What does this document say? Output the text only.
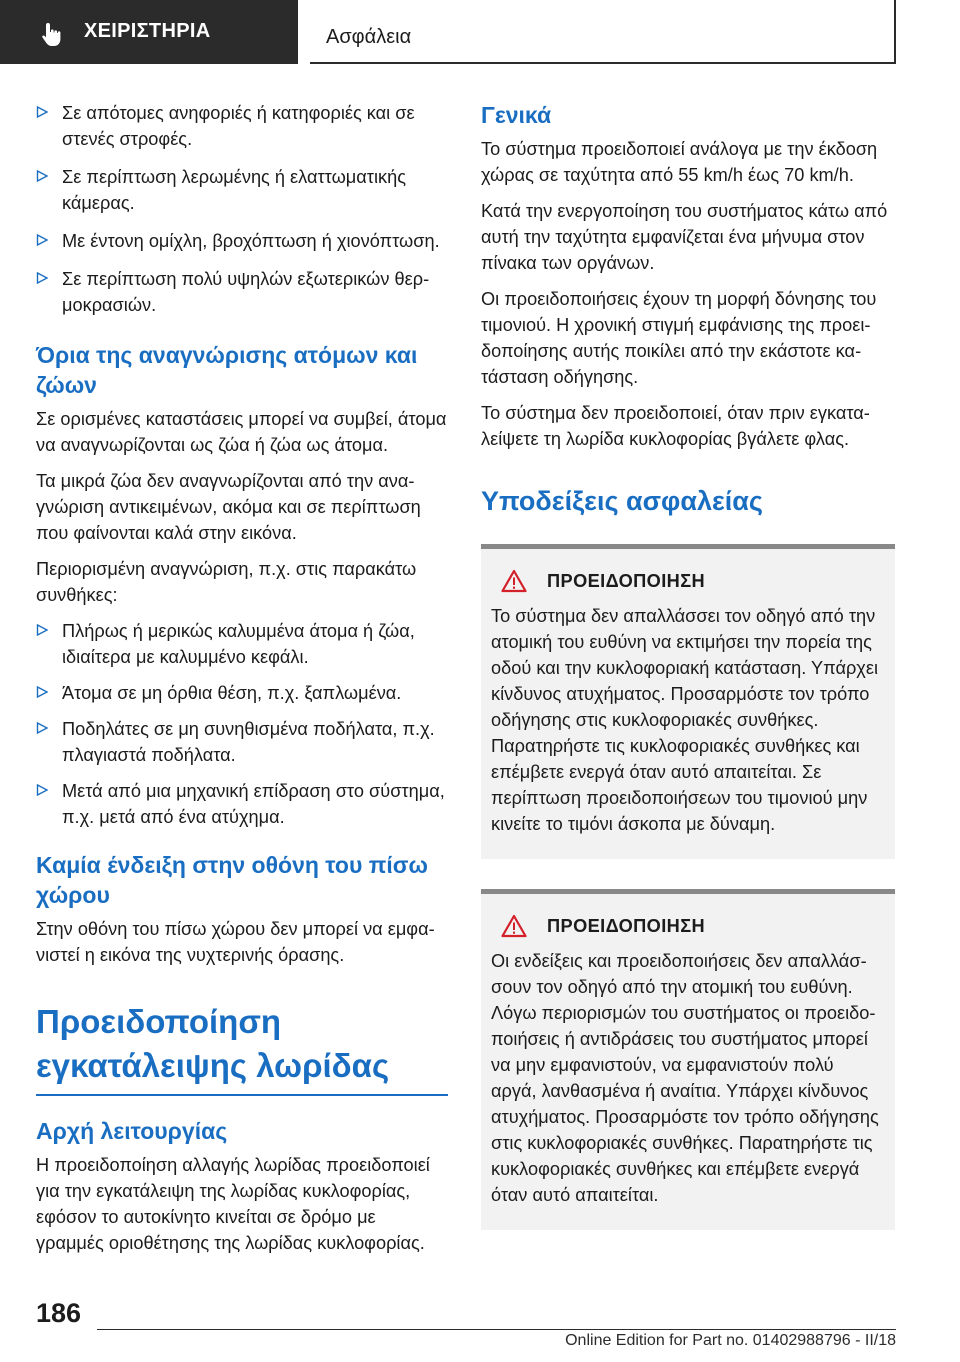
ΧΕΙΡΙΣΤΗΡΙΑ	Ασφάλεια
Σε απότομες ανηφοριές ή κατηφοριές και σε στενές στροφές.
Σε περίπτωση λερωμένης ή ελαττωματικής κάμερας.
Με έντονη ομίχλη, βροχόπτωση ή χιονόπτωση.
Σε περίπτωση πολύ υψηλών εξωτερικών θερμοκρασιών.
Όρια της αναγνώρισης ατόμων και ζώων

Σε ορισμένες καταστάσεις μπορεί να συμβεί, άτομα να αναγνωρίζονται ως ζώα ή ζώα ως άτομα.

Τα μικρά ζώα δεν αναγνωρίζονται από την αναγνώριση αντικειμένων, ακόμα και σε περίπτωση που φαίνονται καλά στην εικόνα.

Περιορισμένη αναγνώριση, π.χ. στις παρακάτω συνθήκες:

Πλήρως ή μερικώς καλυμμένα άτομα ή ζώα, ιδιαίτερα με καλυμμένο κεφάλι.
Άτομα σε μη όρθια θέση, π.χ. ξαπλωμένα.
Ποδηλάτες σε μη συνηθισμένα ποδήλατα, π.χ. πλαγιαστά ποδήλατα.
Μετά από μια μηχανική επίδραση στο σύστημα, π.χ. μετά από ένα ατύχημα.
Καμία ένδειξη στην οθόνη του πίσω χώρου

Στην οθόνη του πίσω χώρου δεν μπορεί να εμφανιστεί η εικόνα της νυχτερινής όρασης.

Προειδοποίηση εγκατάλειψης λωρίδας
Αρχή λειτουργίας

Η προειδοποίηση αλλαγής λωρίδας προειδοποιεί για την εγκατάλειψη της λωρίδας κυκλοφορίας, εφόσον το αυτοκίνητο κινείται σε δρόμο με γραμμές οριοθέτησης της λωρίδας κυκλοφορίας.

Γενικά

Το σύστημα προειδοποιεί ανάλογα με την έκδοση χώρας σε ταχύτητα από 55 km/h έως 70 km/h.

Κατά την ενεργοποίηση του συστήματος κάτω από αυτή την ταχύτητα εμφανίζεται ένα μήνυμα στον πίνακα των οργάνων.

Οι προειδοποιήσεις έχουν τη μορφή δόνησης του τιμονιού. Η χρονική στιγμή εμφάνισης της προειδοποίησης αυτής ποικίλει από την εκάστοτε κατάσταση οδήγησης.

Το σύστημα δεν προειδοποιεί, όταν πριν εγκαταλείψετε τη λωρίδα κυκλοφορίας βγάλετε φλας.

Υποδείξεις ασφαλείας
ΠΡΟΕΙΔΟΠΟΙΗΣΗ

Το σύστημα δεν απαλλάσσει τον οδηγό από την ατομική του ευθύνη να εκτιμήσει την πορεία της οδού και την κυκλοφοριακή κατάσταση. Υπάρχει κίνδυνος ατυχήματος. Προσαρμόστε τον τρόπο οδήγησης στις κυκλοφοριακές συνθήκες. Παρατηρήστε τις κυκλοφοριακές συνθήκες και επέμβετε ενεργά όταν αυτό απαιτείται. Σε περίπτωση προειδοποιήσεων του τιμονιού μην κινείτε το τιμόνι άσκοπα με δύναμη.

ΠΡΟΕΙΔΟΠΟΙΗΣΗ

Οι ενδείξεις και προειδοποιήσεις δεν απαλλάσσουν τον οδηγό από την ατομική του ευθύνη. Λόγω περιορισμών του συστήματος οι προειδοποιήσεις ή αντιδράσεις του συστήματος μπορεί να μην εμφανιστούν, να εμφανιστούν πολύ αργά, λανθασμένα ή αναίτια. Υπάρχει κίνδυνος ατυχήματος. Προσαρμόστε τον τρόπο οδήγησης στις κυκλοφοριακές συνθήκες. Παρατηρήστε τις κυκλοφοριακές συνθήκες και επέμβετε ενεργά όταν αυτό απαιτείται.

186
Online Edition for Part no. 01402988796 - II/18
